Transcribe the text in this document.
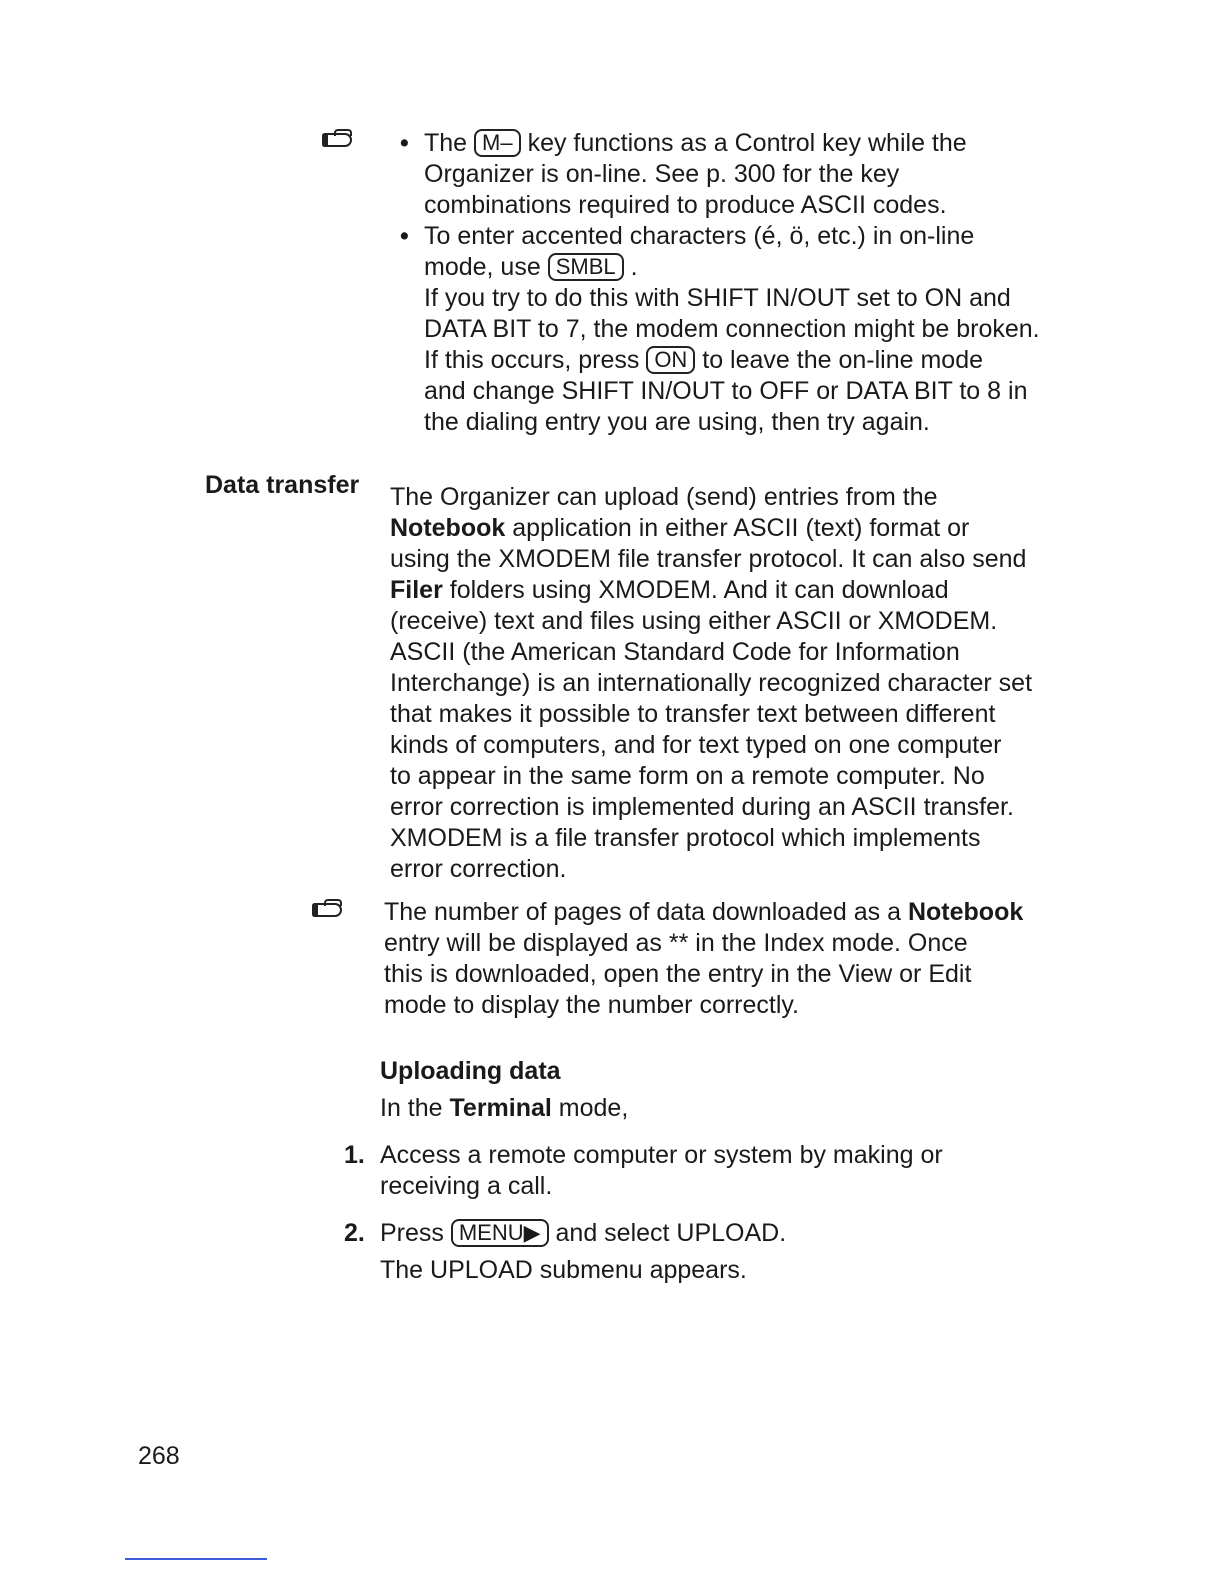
• The M– key functions as a Control key while the
Organizer is on-line. See p. 300 for the key
combinations required to produce ASCII codes.
• To enter accented characters (é, ö, etc.) in on-line
mode, use SMBL .
If you try to do this with SHIFT IN/OUT set to ON and
DATA BIT to 7, the modem connection might be broken.
If this occurs, press ON to leave the on-line mode
and change SHIFT IN/OUT to OFF or DATA BIT to 8 in
the dialing entry you are using, then try again.
Data transfer The Organizer can upload (send) entries from the
Notebook application in either ASCII (text) format or
using the XMODEM file transfer protocol. It can also send
Filer folders using XMODEM. And it can download
(receive) text and files using either ASCII or XMODEM.
ASCII (the American Standard Code for Information
Interchange) is an internationally recognized character set
that makes it possible to transfer text between different
kinds of computers, and for text typed on one computer
to appear in the same form on a remote computer. No
error correction is implemented during an ASCII transfer.
XMODEM is a file transfer protocol which implements
error correction.
The number of pages of data downloaded as a Notebook
entry will be displayed as ** in the Index mode. Once
this is downloaded, open the entry in the View or Edit
mode to display the number correctly.
Uploading data
In the Terminal mode,
1. Access a remote computer or system by making or
receiving a call.
2. Press MENU▶ and select UPLOAD.
The UPLOAD submenu appears.
268
